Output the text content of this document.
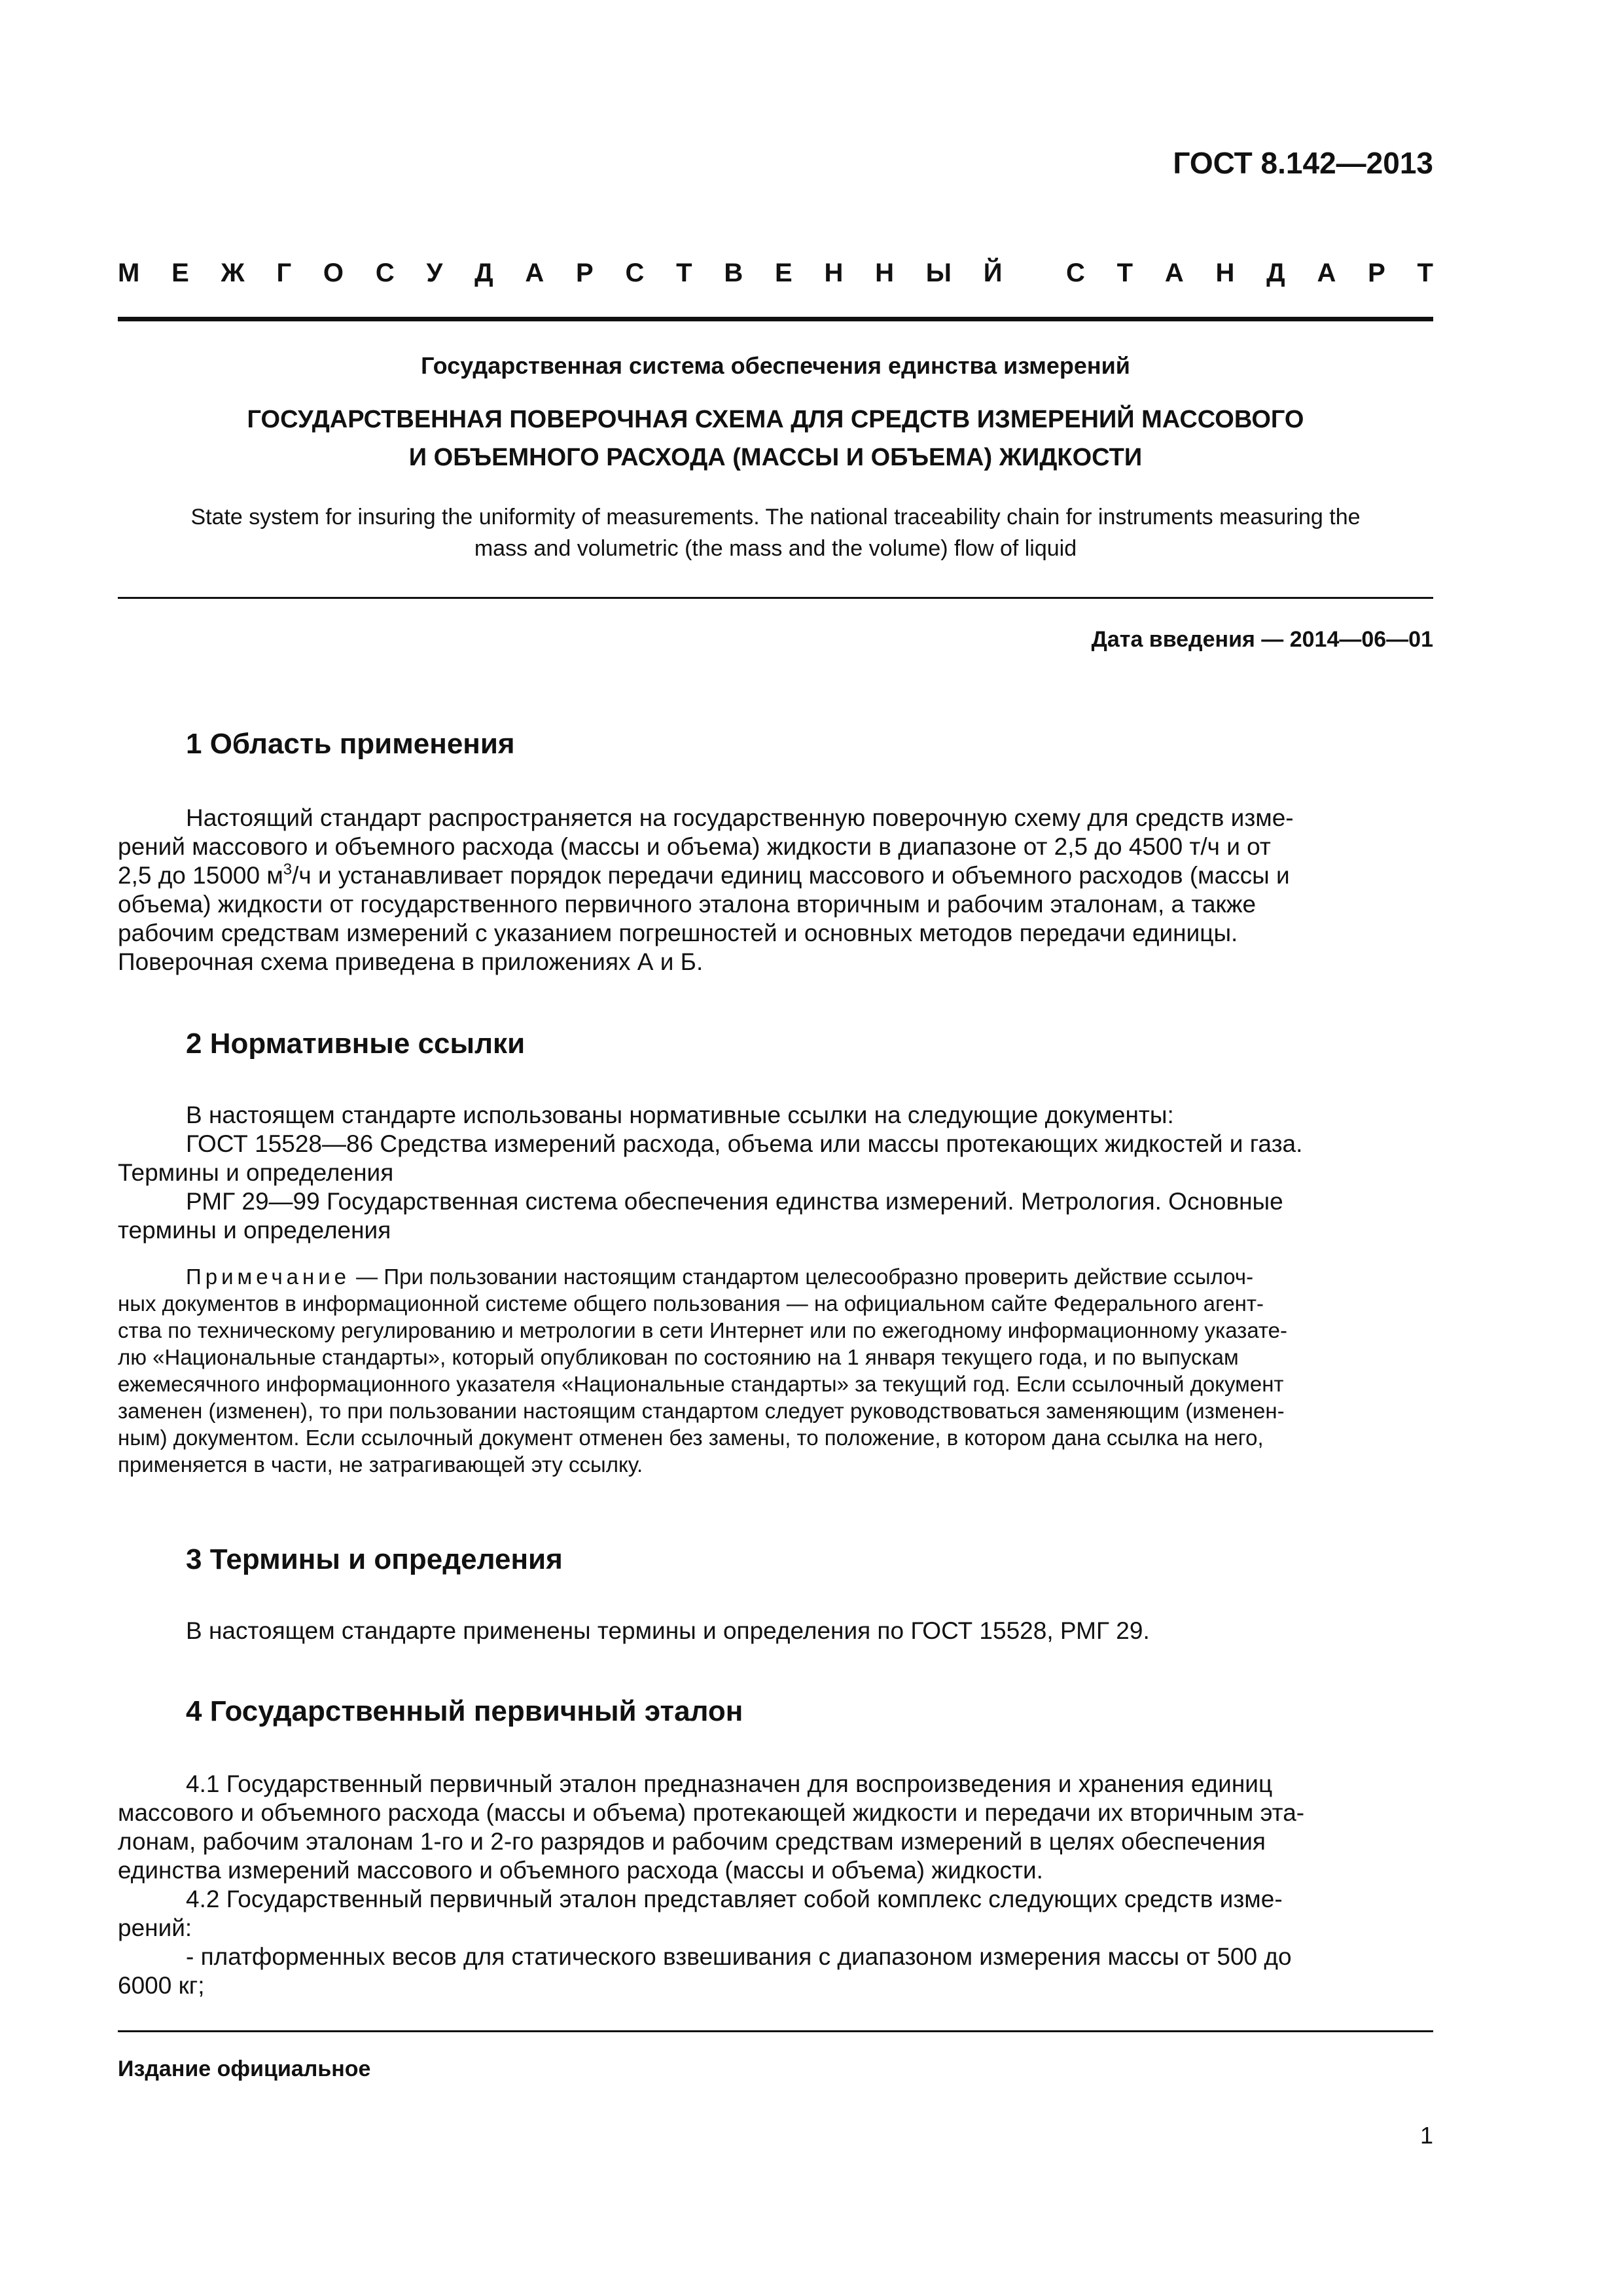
ГОСТ 8.142—2013
М Е Ж Г О С У Д А Р С Т В Е Н Н Ы Й С Т А Н Д А Р Т
Государственная система обеспечения единства измерений
ГОСУДАРСТВЕННАЯ ПОВЕРОЧНАЯ СХЕМА ДЛЯ СРЕДСТВ ИЗМЕРЕНИЙ МАССОВОГО
И ОБЪЕМНОГО РАСХОДА (МАССЫ И ОБЪЕМА) ЖИДКОСТИ
State system for insuring the uniformity of measurements. The national traceability chain for instruments measuring the
mass and volumetric (the mass and the volume) flow of liquid
Дата введения — 2014—06—01
1 Область применения
Настоящий стандарт распространяется на государственную поверочную схему для средств изме-
рений массового и объемного расхода (массы и объема) жидкости в диапазоне от 2,5 до 4500 т/ч и от
2,5 до 15000 $м^3/ч$ и устанавливает порядок передачи единиц массового и объемного расходов (массы и
объема) жидкости от государственного первичного эталона вторичным и рабочим эталонам, а также
рабочим средствам измерений с указанием погрешностей и основных методов передачи единицы.
Поверочная схема приведена в приложениях А и Б.
2 Нормативные ссылки
В настоящем стандарте использованы нормативные ссылки на следующие документы:
ГОСТ 15528—86 Средства измерений расхода, объема или массы протекающих жидкостей и газа.
Термины и определения
РМГ 29—99 Государственная система обеспечения единства измерений. Метрология. Основные
термины и определения
Примечание — При пользовании настоящим стандартом целесообразно проверить действие ссылоч-
ных документов в информационной системе общего пользования — на официальном сайте Федерального агент-
ства по техническому регулированию и метрологии в сети Интернет или по ежегодному информационному указате-
лю «Национальные стандарты», который опубликован по состоянию на 1 января текущего года, и по выпускам
ежемесячного информационного указателя «Национальные стандарты» за текущий год. Если ссылочный документ
заменен (изменен), то при пользовании настоящим стандартом следует руководствоваться заменяющим (изменен-
ным) документом. Если ссылочный документ отменен без замены, то положение, в котором дана ссылка на него,
применяется в части, не затрагивающей эту ссылку.
3 Термины и определения
В настоящем стандарте применены термины и определения по ГОСТ 15528, РМГ 29.
4 Государственный первичный эталон
4.1 Государственный первичный эталон предназначен для воспроизведения и хранения единиц
массового и объемного расхода (массы и объема) протекающей жидкости и передачи их вторичным эта-
лонам, рабочим эталонам 1-го и 2-го разрядов и рабочим средствам измерений в целях обеспечения
единства измерений массового и объемного расхода (массы и объема) жидкости.
4.2 Государственный первичный эталон представляет собой комплекс следующих средств изме-
рений:
- платформенных весов для статического взвешивания с диапазоном измерения массы от 500 до
6000 кг;
Издание официальное
1
